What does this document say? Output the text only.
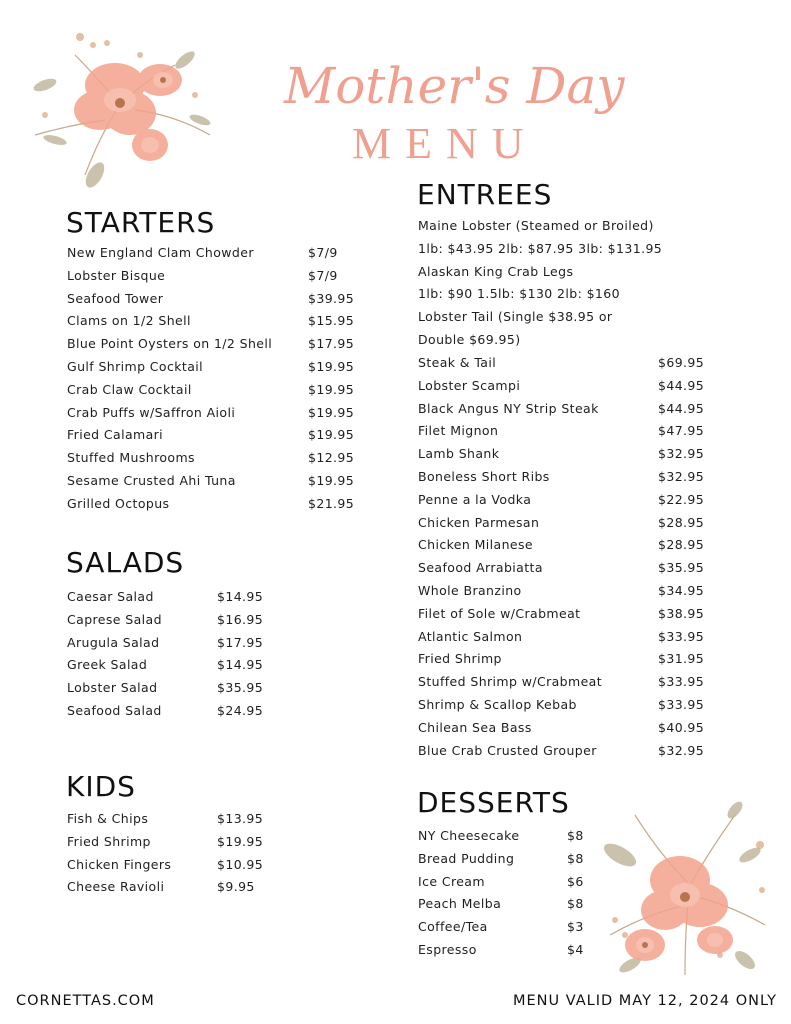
Mother's Day
MENU
STARTERS
SALADS
KIDS
ENTREES
DESSERTS
New England Clam Chowder	$7/9
Lobster Bisque	$7/9
Seafood Tower	$39.95
Clams on 1/2 Shell	$15.95
Blue Point Oysters on 1/2 Shell	$17.95
Gulf Shrimp Cocktail	$19.95
Crab Claw Cocktail	$19.95
Crab Puffs w/Saffron Aioli	$19.95
Fried Calamari	$19.95
Stuffed Mushrooms	$12.95
Sesame Crusted Ahi Tuna	$19.95
Grilled Octopus	$21.95
Caesar Salad	$14.95
Caprese Salad	$16.95
Arugula Salad	$17.95
Greek Salad	$14.95
Lobster Salad	$35.95
Seafood Salad	$24.95
Fish & Chips	$13.95
Fried Shrimp	$19.95
Chicken Fingers	$10.95
Cheese Ravioli	$9.95
Maine Lobster (Steamed or Broiled)
1lb: $43.95 2lb: $87.95 3lb: $131.95
Alaskan King Crab Legs
1lb: $90 1.5lb: $130 2lb: $160
Lobster Tail (Single $38.95 or
Double $69.95)
Steak & Tail	$69.95
Lobster Scampi	$44.95
Black Angus NY Strip Steak	$44.95
Filet Mignon	$47.95
Lamb Shank	$32.95
Boneless Short Ribs	$32.95
Penne a la Vodka	$22.95
Chicken Parmesan	$28.95
Chicken Milanese	$28.95
Seafood Arrabiatta	$35.95
Whole Branzino	$34.95
Filet of Sole w/Crabmeat	$38.95
Atlantic Salmon	$33.95
Fried Shrimp	$31.95
Stuffed Shrimp w/Crabmeat	$33.95
Shrimp & Scallop Kebab	$33.95
Chilean Sea Bass	$40.95
Blue Crab Crusted Grouper	$32.95
NY Cheesecake	$8
Bread Pudding	$8
Ice Cream	$6
Peach Melba	$8
Coffee/Tea	$3
Espresso	$4
CORNETTAS.COM	MENU VALID MAY 12, 2024 ONLY
